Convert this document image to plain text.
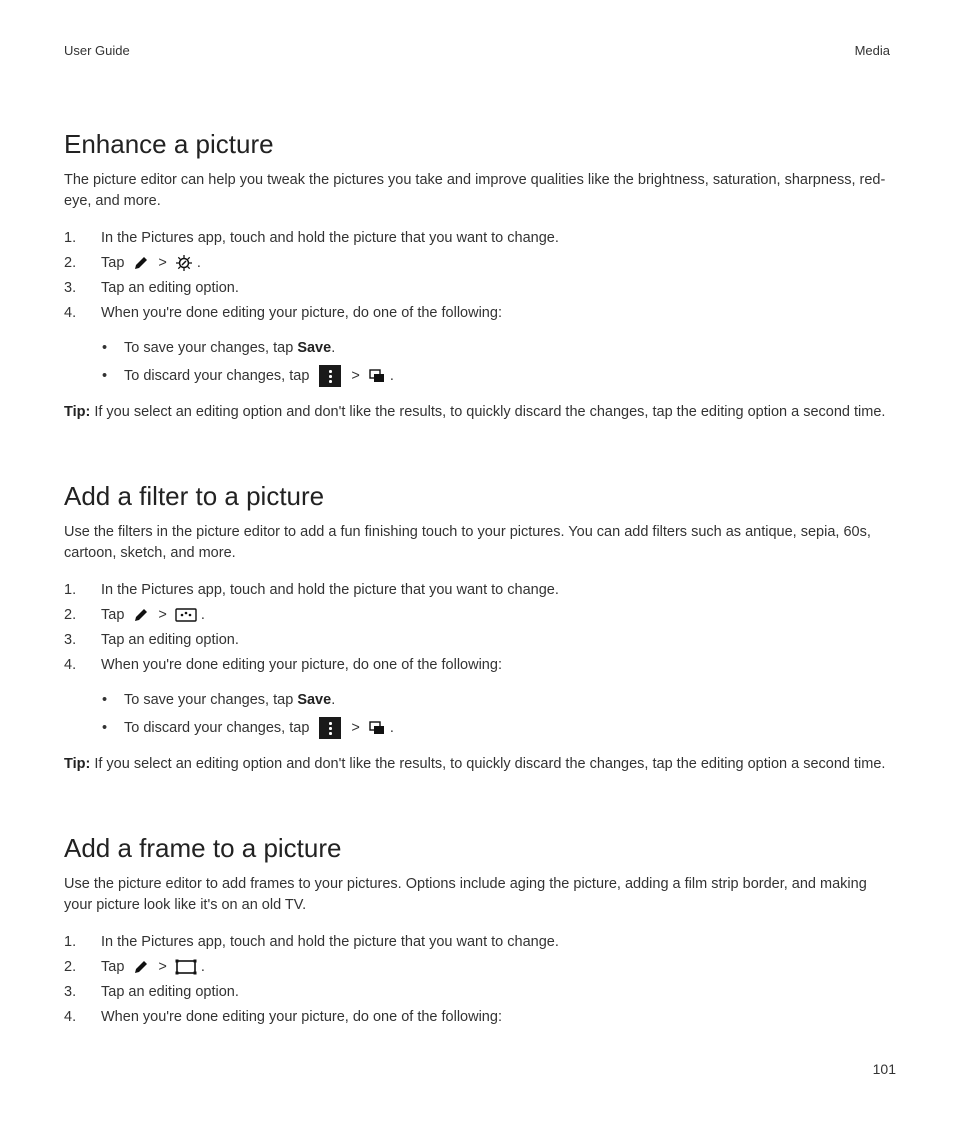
User Guide	Media
Enhance a picture

The picture editor can help you tweak the pictures you take and improve qualities like the brightness, saturation, sharpness, red-eye, and more.

1. In the Pictures app, touch and hold the picture that you want to change.
2. Tap > .
3. Tap an editing option.
4. When you're done editing your picture, do one of the following:
• To save your changes, tap Save.
• To discard your changes, tap	> .

Tip: If you select an editing option and don't like the results, to quickly discard the changes, tap the editing option a second time.

Add a filter to a picture

Use the filters in the picture editor to add a fun finishing touch to your pictures. You can add filters such as antique, sepia, 60s, cartoon, sketch, and more.

1. In the Pictures app, touch and hold the picture that you want to change.
2. Tap > .
3. Tap an editing option.
4. When you're done editing your picture, do one of the following:
• To save your changes, tap Save.
• To discard your changes, tap	> .

Tip: If you select an editing option and don't like the results, to quickly discard the changes, tap the editing option a second time.

Add a frame to a picture

Use the picture editor to add frames to your pictures. Options include aging the picture, adding a film strip border, and making your picture look like it's on an old TV.

1. In the Pictures app, touch and hold the picture that you want to change.
2. Tap > .
3. Tap an editing option.
4. When you're done editing your picture, do one of the following:
101
